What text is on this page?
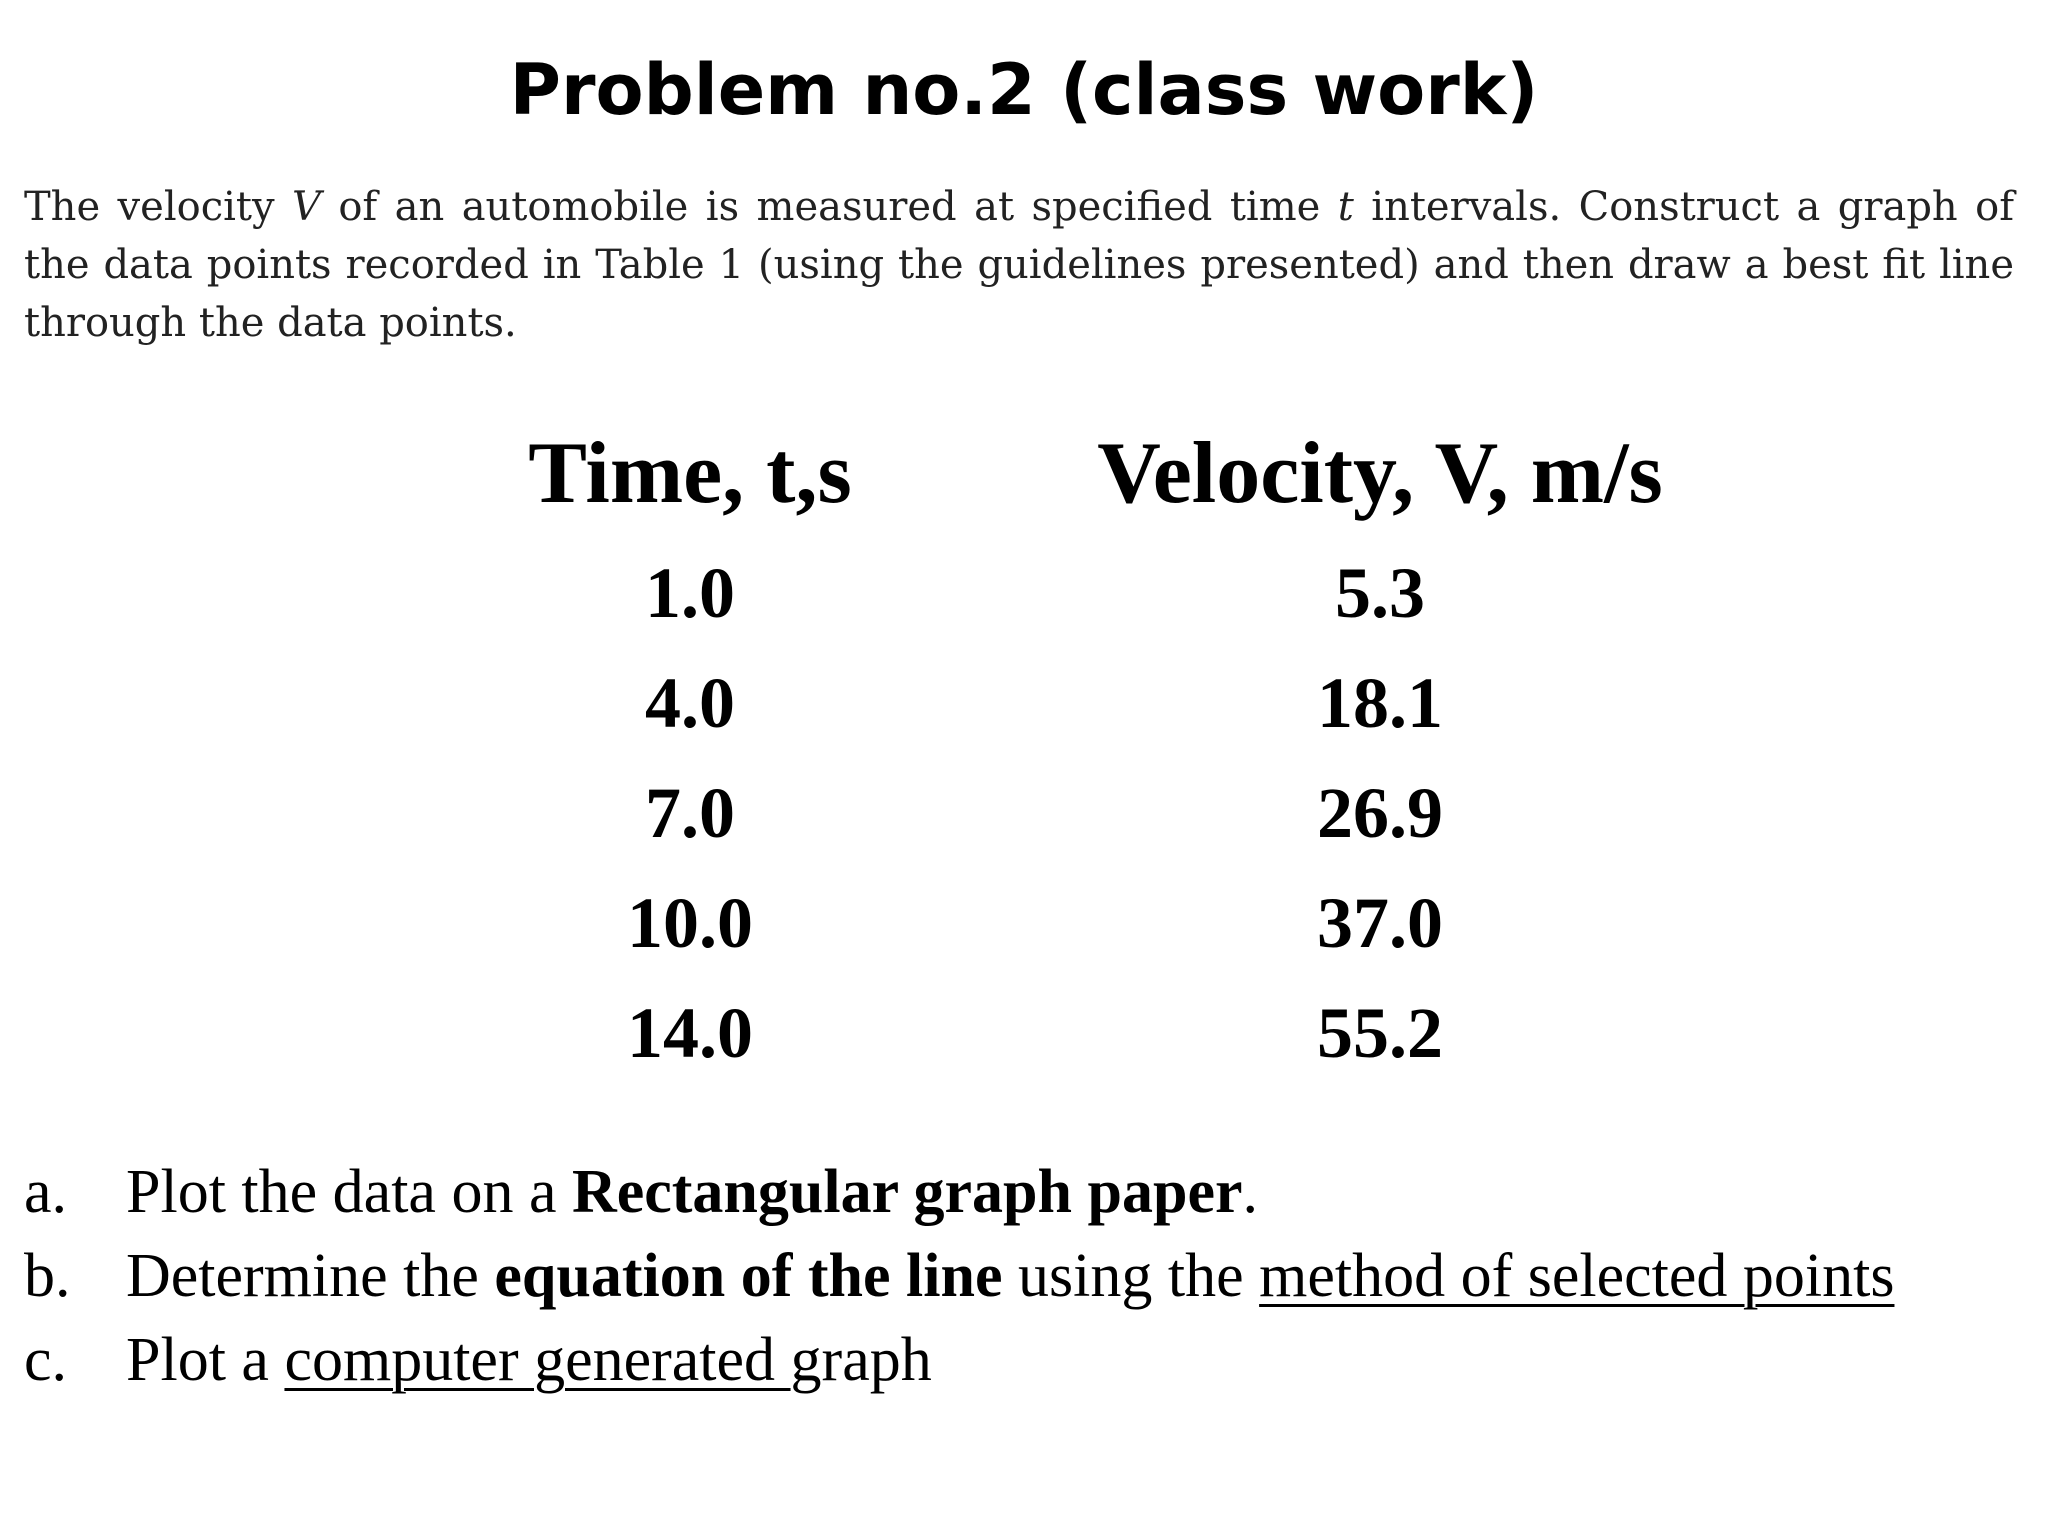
Problem no.2 (class work)
The velocity V of an automobile is measured at specified time t intervals. Construct a graph of the data points recorded in Table 1 (using the guidelines presented) and then draw a best fit line through the data points.
Time, t,s	Velocity, V, m/s
1.0	5.3
4.0	18.1
7.0	26.9
10.0	37.0
14.0	55.2
a. Plot the data on a Rectangular graph paper.
b. Determine the equation of the line using the method of selected points
c. Plot a computer generated graph
